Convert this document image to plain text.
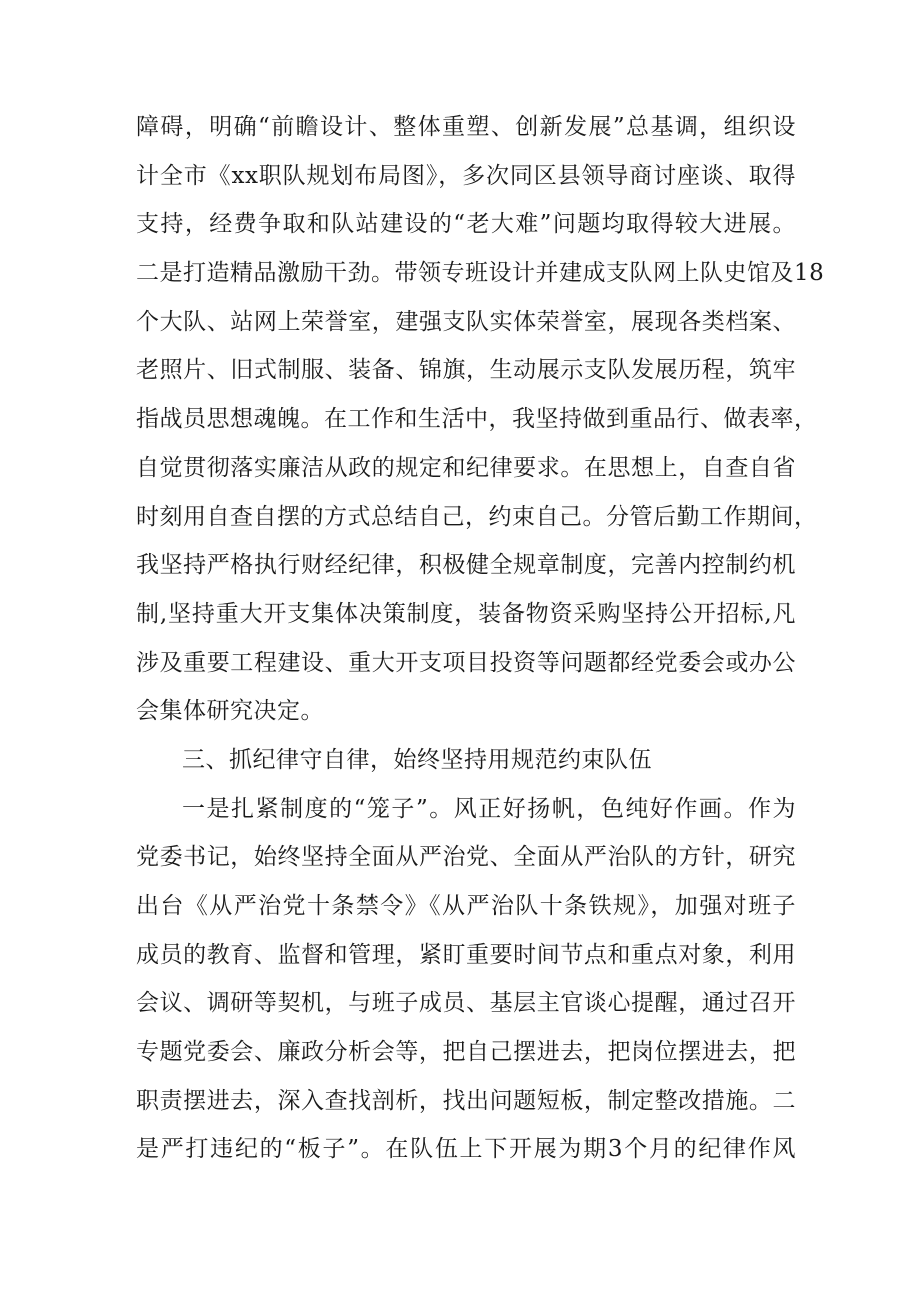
障碍，明确“前瞻设计、整体重塑、创新发展”总基调，组织设
计全市《xx职队规划布局图》，多次同区县领导商讨座谈、取得
支持，经费争取和队站建设的“老大难”问题均取得较大进展。
二是打造精品激励干劲。带领专班设计并建成支队网上队史馆及18
个大队、站网上荣誉室，建强支队实体荣誉室，展现各类档案、
老照片、旧式制服、装备、锦旗，生动展示支队发展历程，筑牢
指战员思想魂魄。在工作和生活中，我坚持做到重品行、做表率，
自觉贯彻落实廉洁从政的规定和纪律要求。在思想上，自查自省
时刻用自查自摆的方式总结自己，约束自己。分管后勤工作期间，
我坚持严格执行财经纪律，积极健全规章制度，完善内控制约机
制,坚持重大开支集体决策制度，装备物资采购坚持公开招标,凡
涉及重要工程建设、重大开支项目投资等问题都经党委会或办公
会集体研究决定。
三、抓纪律守自律，始终坚持用规范约束队伍
一是扎紧制度的“笼子”。风正好扬帆，色纯好作画。作为
党委书记，始终坚持全面从严治党、全面从严治队的方针，研究
出台《从严治党十条禁令》《从严治队十条铁规》，加强对班子
成员的教育、监督和管理，紧盯重要时间节点和重点对象，利用
会议、调研等契机，与班子成员、基层主官谈心提醒，通过召开
专题党委会、廉政分析会等，把自己摆进去，把岗位摆进去，把
职责摆进去，深入查找剖析，找出问题短板，制定整改措施。二
是严打违纪的“板子”。在队伍上下开展为期3个月的纪律作风
